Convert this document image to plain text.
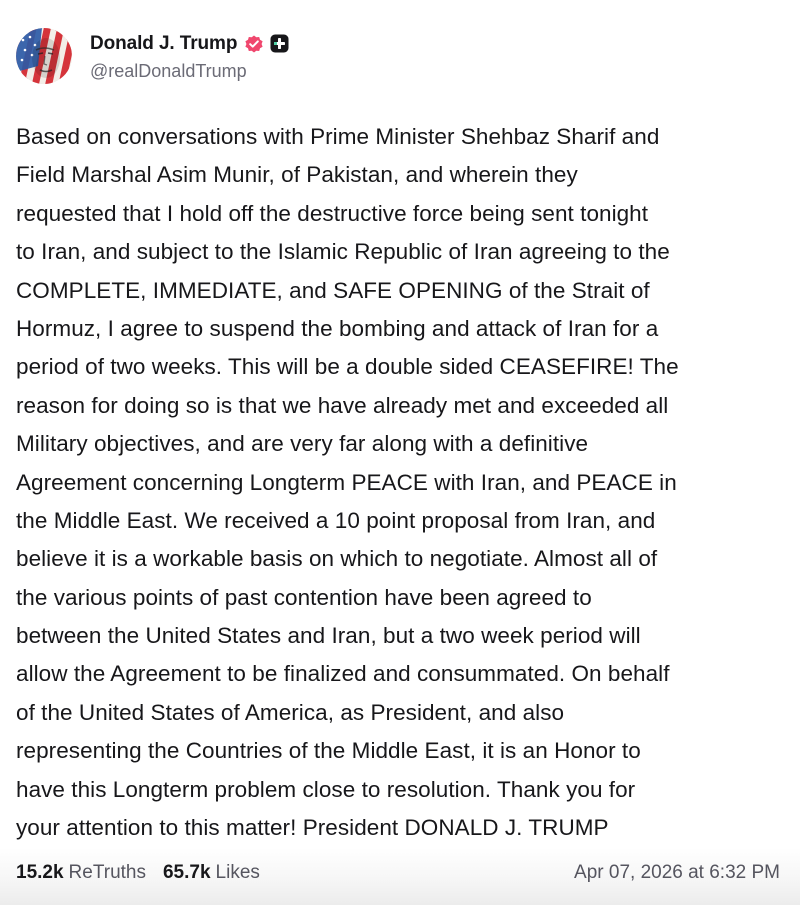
Donald J. Trump
@realDonaldTrump
Based on conversations with Prime Minister Shehbaz Sharif and
Field Marshal Asim Munir, of Pakistan, and wherein they
requested that I hold off the destructive force being sent tonight
to Iran, and subject to the Islamic Republic of Iran agreeing to the
COMPLETE, IMMEDIATE, and SAFE OPENING of the Strait of
Hormuz, I agree to suspend the bombing and attack of Iran for a
period of two weeks. This will be a double sided CEASEFIRE! The
reason for doing so is that we have already met and exceeded all
Military objectives, and are very far along with a definitive
Agreement concerning Longterm PEACE with Iran, and PEACE in
the Middle East. We received a 10 point proposal from Iran, and
believe it is a workable basis on which to negotiate. Almost all of
the various points of past contention have been agreed to
between the United States and Iran, but a two week period will
allow the Agreement to be finalized and consummated. On behalf
of the United States of America, as President, and also
representing the Countries of the Middle East, it is an Honor to
have this Longterm problem close to resolution. Thank you for
your attention to this matter! President DONALD J. TRUMP
15.2k ReTruths 65.7k Likes	Apr 07, 2026 at 6:32 PM
